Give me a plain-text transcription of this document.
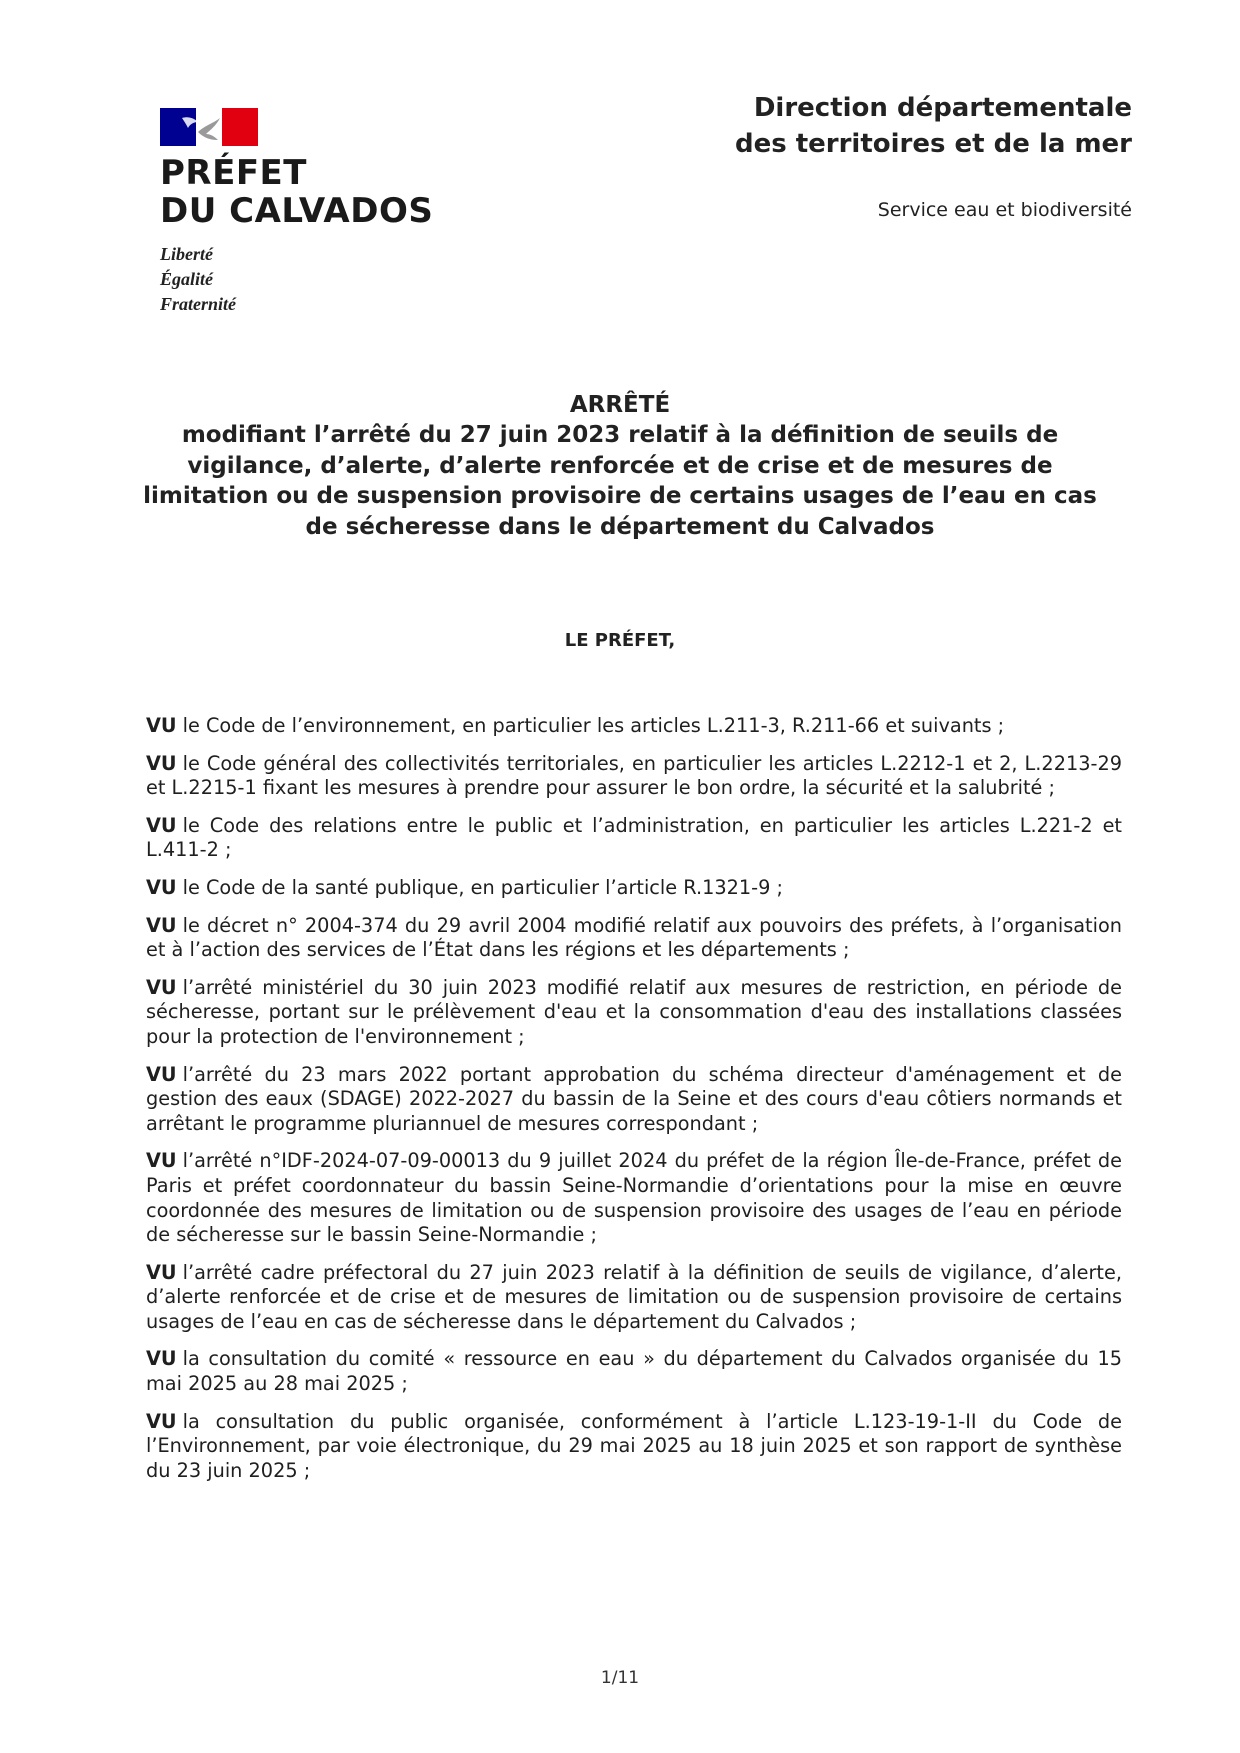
PRÉFET
DU CALVADOS
Liberté
Égalité
Fraternité
Direction départementale
des territoires et de la mer
Service eau et biodiversité
ARRÊTÉ
modifiant l’arrêté du 27 juin 2023 relatif à la définition de seuils de vigilance, d’alerte, d’alerte renforcée et de crise et de mesures de limitation ou de suspension provisoire de certains usages de l’eau en cas de sécheresse dans le département du Calvados
LE PRÉFET,
VU le Code de l’environnement, en particulier les articles L.211-3, R.211-66 et suivants ;
VU le Code général des collectivités territoriales, en particulier les articles L.2212-1 et 2, L.2213-29 et L.2215-1 fixant les mesures à prendre pour assurer le bon ordre, la sécurité et la salubrité ;
VU le Code des relations entre le public et l’administration, en particulier les articles L.221-2 et L.411-2 ;
VU le Code de la santé publique, en particulier l’article R.1321-9 ;
VU le décret n° 2004-374 du 29 avril 2004 modifié relatif aux pouvoirs des préfets, à l’organisation et à l’action des services de l’État dans les régions et les départements ;
VU l’arrêté ministériel du 30 juin 2023 modifié relatif aux mesures de restriction, en période de sécheresse, portant sur le prélèvement d'eau et la consommation d'eau des installations classées pour la protection de l'environnement ;
VU l’arrêté du 23 mars 2022 portant approbation du schéma directeur d'aménagement et de gestion des eaux (SDAGE) 2022-2027 du bassin de la Seine et des cours d'eau côtiers normands et arrêtant le programme pluriannuel de mesures correspondant ;
VU l’arrêté n°IDF-2024-07-09-00013 du 9 juillet 2024 du préfet de la région Île-de-France, préfet de Paris et préfet coordonnateur du bassin Seine-Normandie d’orientations pour la mise en œuvre coordonnée des mesures de limitation ou de suspension provisoire des usages de l’eau en période de sécheresse sur le bassin Seine-Normandie ;
VU l’arrêté cadre préfectoral du 27 juin 2023 relatif à la définition de seuils de vigilance, d’alerte, d’alerte renforcée et de crise et de mesures de limitation ou de suspension provisoire de certains usages de l’eau en cas de sécheresse dans le département du Calvados ;
VU la consultation du comité « ressource en eau » du département du Calvados organisée du 15 mai 2025 au 28 mai 2025 ;
VU la consultation du public organisée, conformément à l’article L.123-19-1-II du Code de l’Environnement, par voie électronique, du 29 mai 2025 au 18 juin 2025 et son rapport de synthèse du 23 juin 2025 ;
1/11
